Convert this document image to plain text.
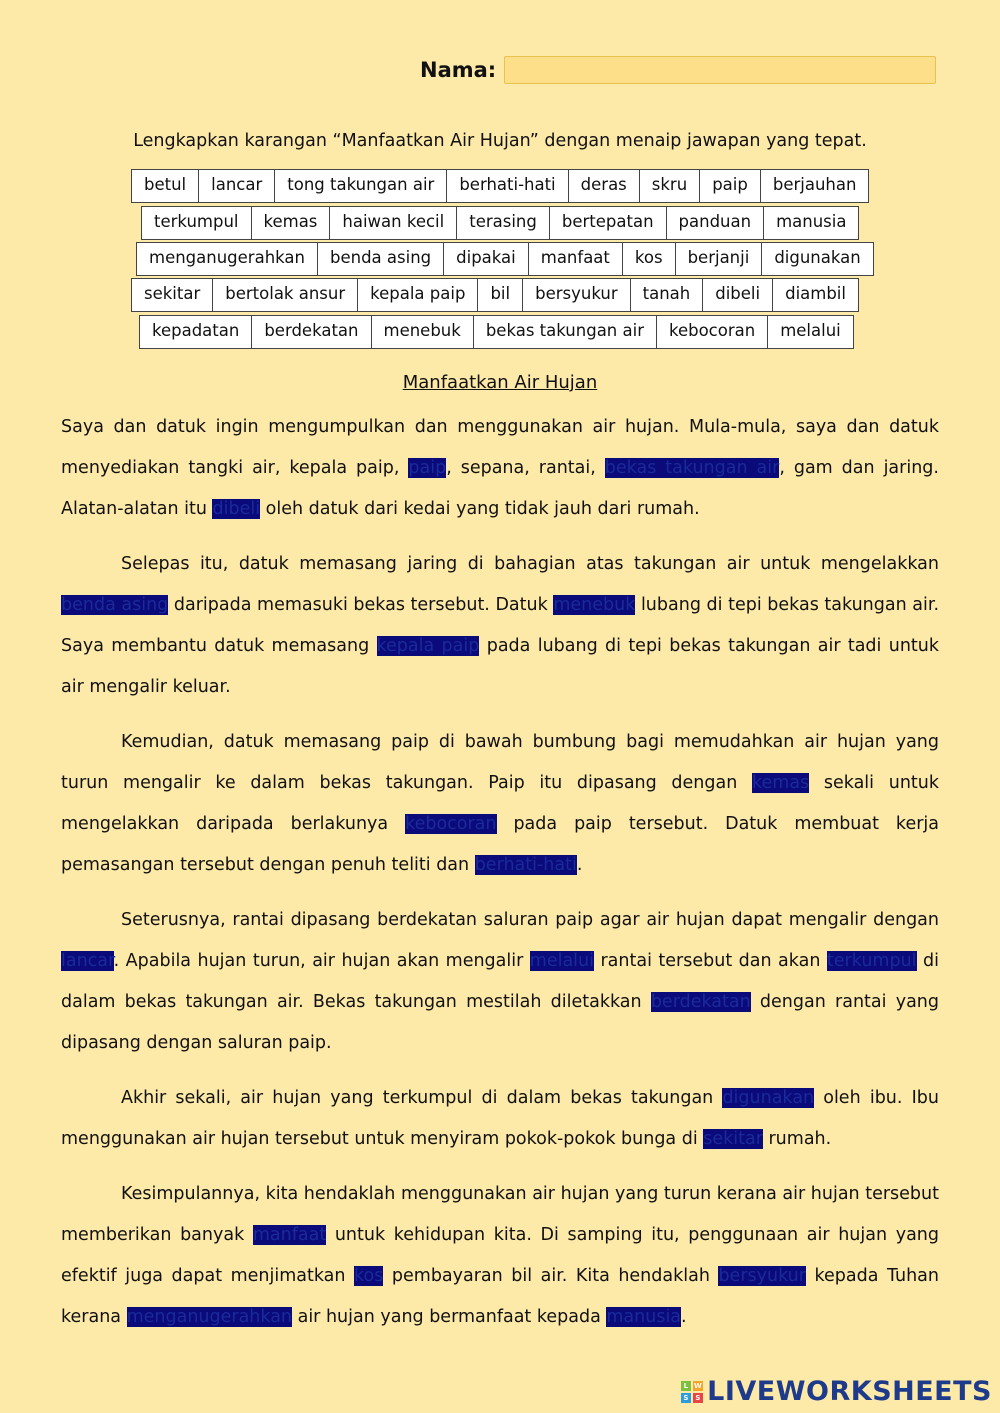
Nama:
Lengkapkan karangan “Manfaatkan Air Hujan” dengan menaip jawapan yang tepat.
betul	lancar	tong takungan air	berhati-hati	deras	skru	paip	berjauhan
terkumpul	kemas	haiwan kecil	terasing	bertepatan	panduan	manusia
menganugerahkan	benda asing	dipakai	manfaat	kos	berjanji	digunakan
sekitar	bertolak ansur	kepala paip	bil	bersyukur	tanah	dibeli	diambil
kepadatan	berdekatan	menebuk	bekas takungan air	kebocoran	melalui
Manfaatkan Air Hujan

Saya dan datuk ingin mengumpulkan dan menggunakan air hujan. Mula-mula, saya dan datuk menyediakan tangki air, kepala paip, paip, sepana, rantai, bekas takungan air, gam dan jaring. Alatan-alatan itu dibeli oleh datuk dari kedai yang tidak jauh dari rumah.

Selepas itu, datuk memasang jaring di bahagian atas takungan air untuk mengelakkan benda asing daripada memasuki bekas tersebut. Datuk menebuk lubang di tepi bekas takungan air. Saya membantu datuk memasang kepala paip pada lubang di tepi bekas takungan air tadi untuk air mengalir keluar.

Kemudian, datuk memasang paip di bawah bumbung bagi memudahkan air hujan yang turun mengalir ke dalam bekas takungan. Paip itu dipasang dengan kemas sekali untuk mengelakkan daripada berlakunya kebocoran pada paip tersebut. Datuk membuat kerja pemasangan tersebut dengan penuh teliti dan berhati-hati.

Seterusnya, rantai dipasang berdekatan saluran paip agar air hujan dapat mengalir dengan lancar. Apabila hujan turun, air hujan akan mengalir melalui rantai tersebut dan akan terkumpul di dalam bekas takungan air. Bekas takungan mestilah diletakkan berdekatan dengan rantai yang dipasang dengan saluran paip.

Akhir sekali, air hujan yang terkumpul di dalam bekas takungan digunakan oleh ibu. Ibu menggunakan air hujan tersebut untuk menyiram pokok-pokok bunga di sekitar rumah.

Kesimpulannya, kita hendaklah menggunakan air hujan yang turun kerana air hujan tersebut memberikan banyak manfaat untuk kehidupan kita. Di samping itu, penggunaan air hujan yang efektif juga dapat menjimatkan kos pembayaran bil air. Kita hendaklah bersyukur kepada Tuhan kerana menganugerahkan air hujan yang bermanfaat kepada manusia.

L W
S S LIVEWORKSHEETS
